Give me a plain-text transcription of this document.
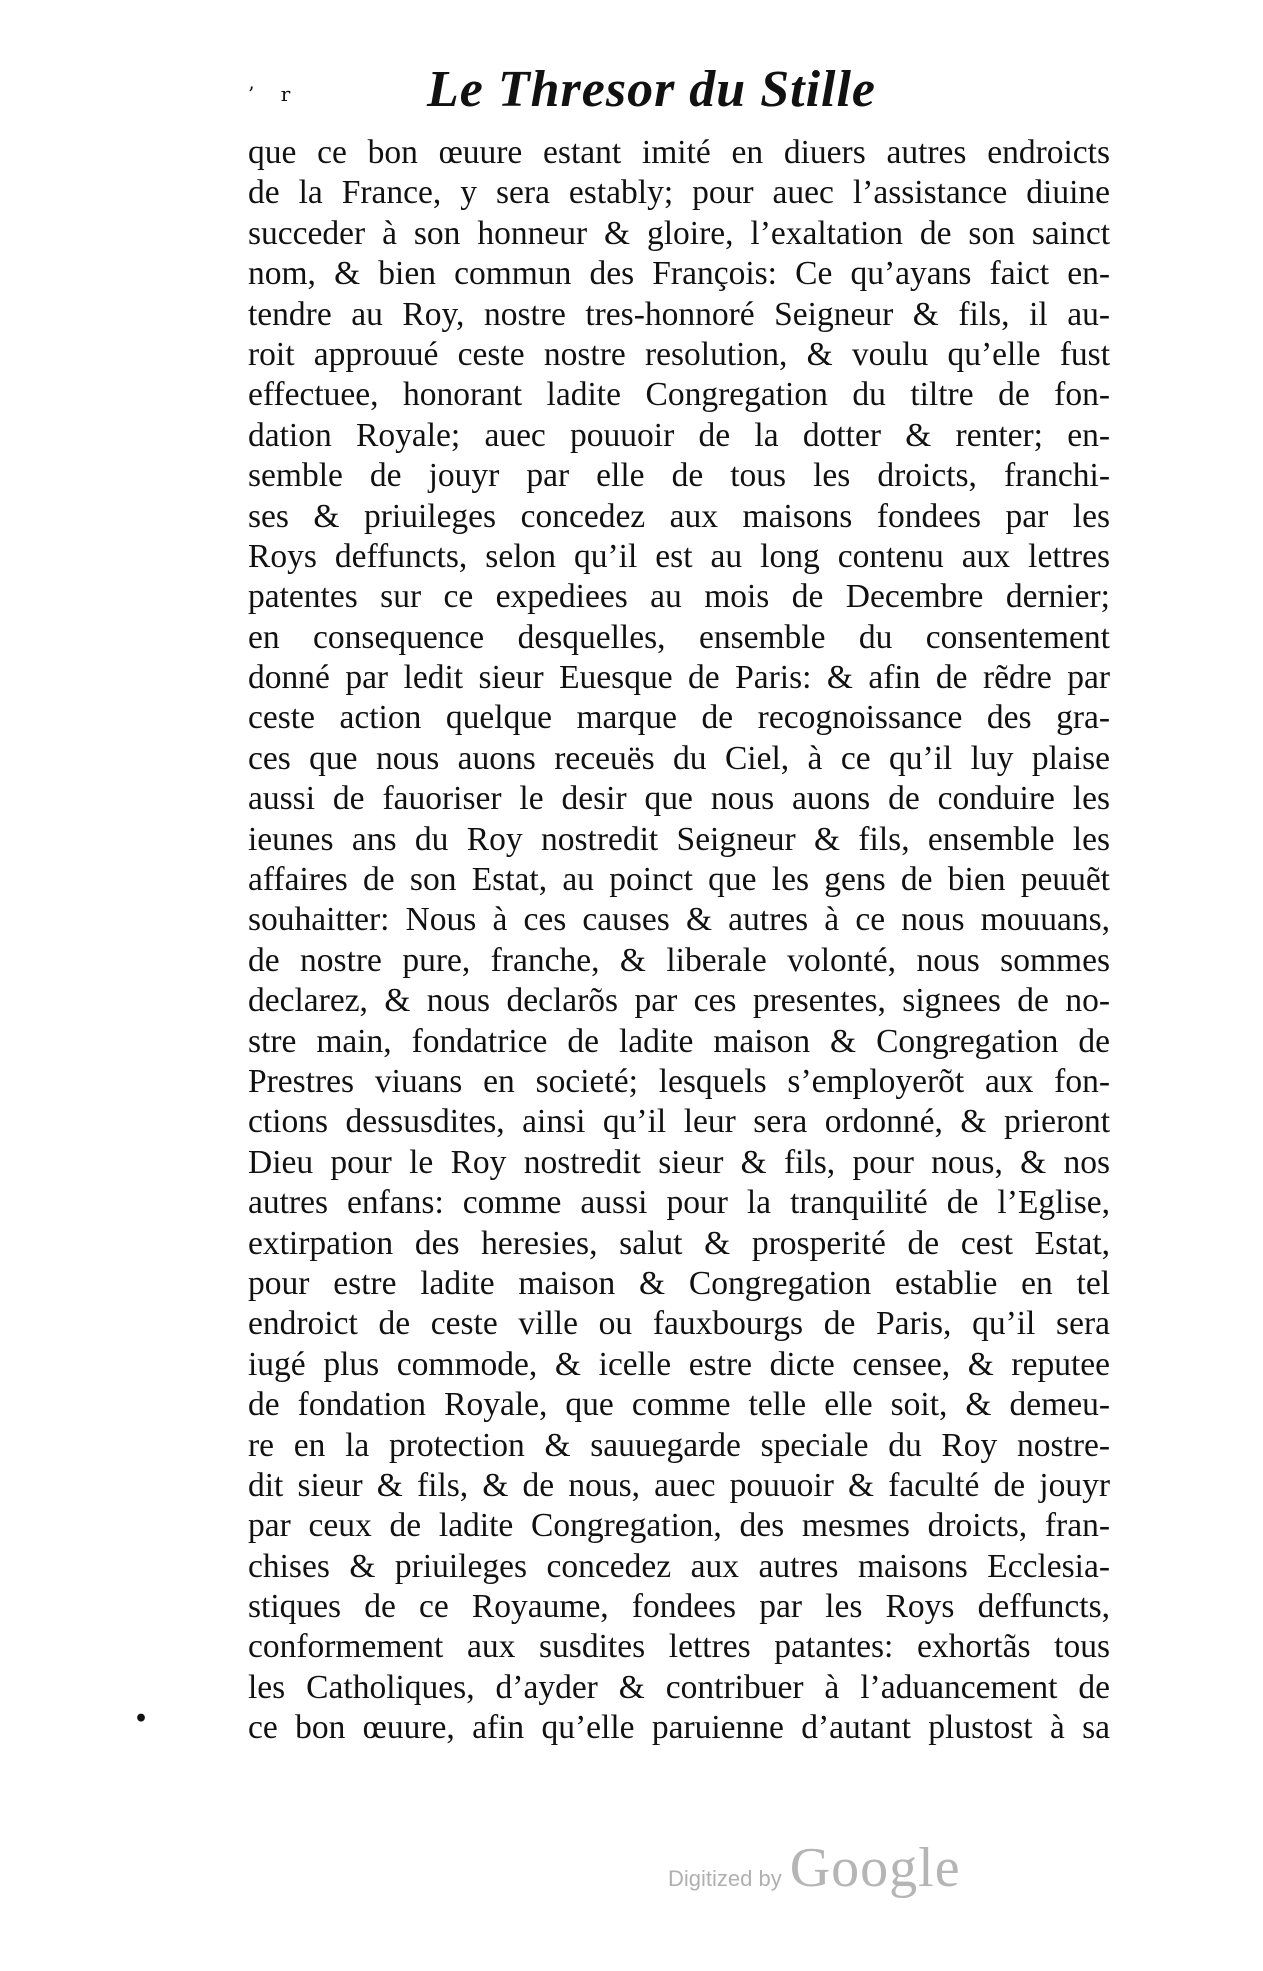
’ r	Le Thresor du Stille
que ce bon œuure estant imité en diuers autres endroicts
de la France, y sera estably; pour auec l’assistance diuine
succeder à son honneur & gloire, l’exaltation de son sainct
nom, & bien commun des François: Ce qu’ayans faict en-
tendre au Roy, nostre tres-honnoré Seigneur & fils, il au-
roit approuué ceste nostre resolution, & voulu qu’elle fust
effectuee, honorant ladite Congregation du tiltre de fon-
dation Royale; auec pouuoir de la dotter & renter; en-
semble de jouyr par elle de tous les droicts, franchi-
ses & priuileges concedez aux maisons fondees par les
Roys deffuncts, selon qu’il est au long contenu aux lettres
patentes sur ce expediees au mois de Decembre dernier;
en consequence desquelles, ensemble du consentement
donné par ledit sieur Euesque de Paris: & afin de rẽdre par
ceste action quelque marque de recognoissance des gra-
ces que nous auons receuës du Ciel, à ce qu’il luy plaise
aussi de fauoriser le desir que nous auons de conduire les
ieunes ans du Roy nostredit Seigneur & fils, ensemble les
affaires de son Estat, au poinct que les gens de bien peuuẽt
souhaitter: Nous à ces causes & autres à ce nous mouuans,
de nostre pure, franche, & liberale volonté, nous sommes
declarez, & nous declarõs par ces presentes, signees de no-
stre main, fondatrice de ladite maison & Congregation de
Prestres viuans en societé; lesquels s’employerõt aux fon-
ctions dessusdites, ainsi qu’il leur sera ordonné, & prieront
Dieu pour le Roy nostredit sieur & fils, pour nous, & nos
autres enfans: comme aussi pour la tranquilité de l’Eglise,
extirpation des heresies, salut & prosperité de cest Estat,
pour estre ladite maison & Congregation establie en tel
endroict de ceste ville ou fauxbourgs de Paris, qu’il sera
iugé plus commode, & icelle estre dicte censee, & reputee
de fondation Royale, que comme telle elle soit, & demeu-
re en la protection & sauuegarde speciale du Roy nostre-
dit sieur & fils, & de nous, auec pouuoir & faculté de jouyr
par ceux de ladite Congregation, des mesmes droicts, fran-
chises & priuileges concedez aux autres maisons Ecclesia-
stiques de ce Royaume, fondees par les Roys deffuncts,
conformement aux susdites lettres patantes: exhortãs tous
les Catholiques, d’ayder & contribuer à l’aduancement de
ce bon œuure, afin qu’elle paruienne d’autant plustost à sa
•
Digitized by Google
